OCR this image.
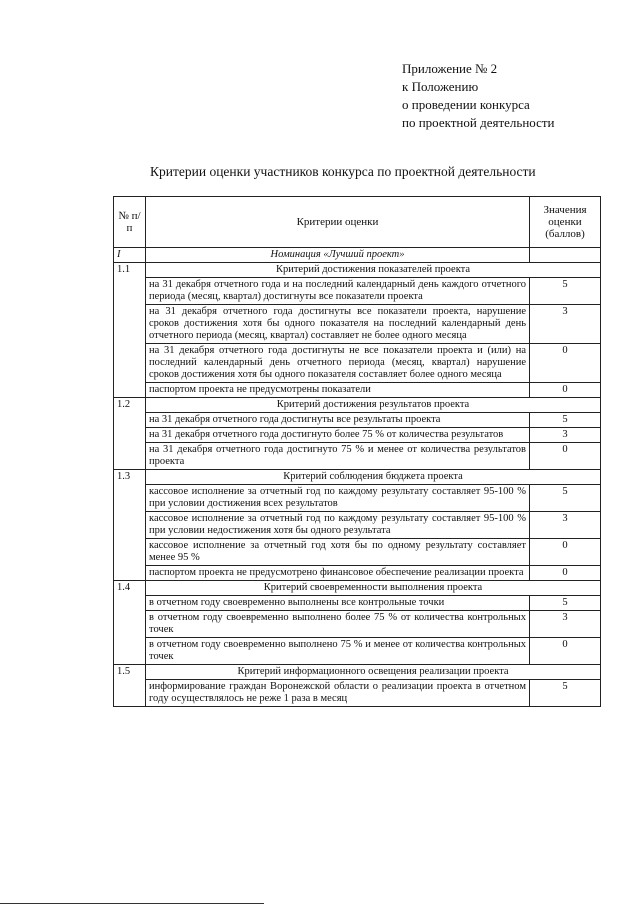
Приложение № 2
к Положению
о проведении конкурса
по проектной деятельности
Критерии оценки участников конкурса по проектной деятельности
№ п/п	Критерии оценки	Значения оценки (баллов)
I	Номинация «Лучший проект»	
1.1	Критерий достижения показателей проекта	
	на 31 декабря отчетного года и на последний календарный день каждого отчетного периода (месяц, квартал) достигнуты все показатели проекта	5
	на 31 декабря отчетного года достигнуты все показатели проекта, нарушение сроков достижения хотя бы одного показателя на последний календарный день отчетного периода (месяц, квартал) составляет не более одного месяца	3
	на 31 декабря отчетного года достигнуты не все показатели проекта и (или) на последний календарный день отчетного периода (месяц, квартал) нарушение сроков достижения хотя бы одного показателя составляет более одного месяца	0
	паспортом проекта не предусмотрены показатели	0
1.2	Критерий достижения результатов проекта	
	на 31 декабря отчетного года достигнуты все результаты проекта	5
	на 31 декабря отчетного года достигнуто более 75 % от количества результатов	3
	на 31 декабря отчетного года достигнуто 75 % и менее от количества результатов проекта	0
1.3	Критерий соблюдения бюджета проекта	
	кассовое исполнение за отчетный год по каждому результату составляет 95-100 % при условии достижения всех результатов	5
	кассовое исполнение за отчетный год по каждому результату составляет 95-100 % при условии недостижения хотя бы одного результата	3
	кассовое исполнение за отчетный год хотя бы по одному результату составляет менее 95 %	0
	паспортом проекта не предусмотрено финансовое обеспечение реализации проекта	0
1.4	Критерий своевременности выполнения проекта	
	в отчетном году своевременно выполнены все контрольные точки	5
	в отчетном году своевременно выполнено более 75 % от количества контрольных точек	3
	в отчетном году своевременно выполнено 75 % и менее от количества контрольных точек	0
1.5	Критерий информационного освещения реализации проекта	
	информирование граждан Воронежской области о реализации проекта в отчетном году осуществлялось не реже 1 раза в месяц	5
